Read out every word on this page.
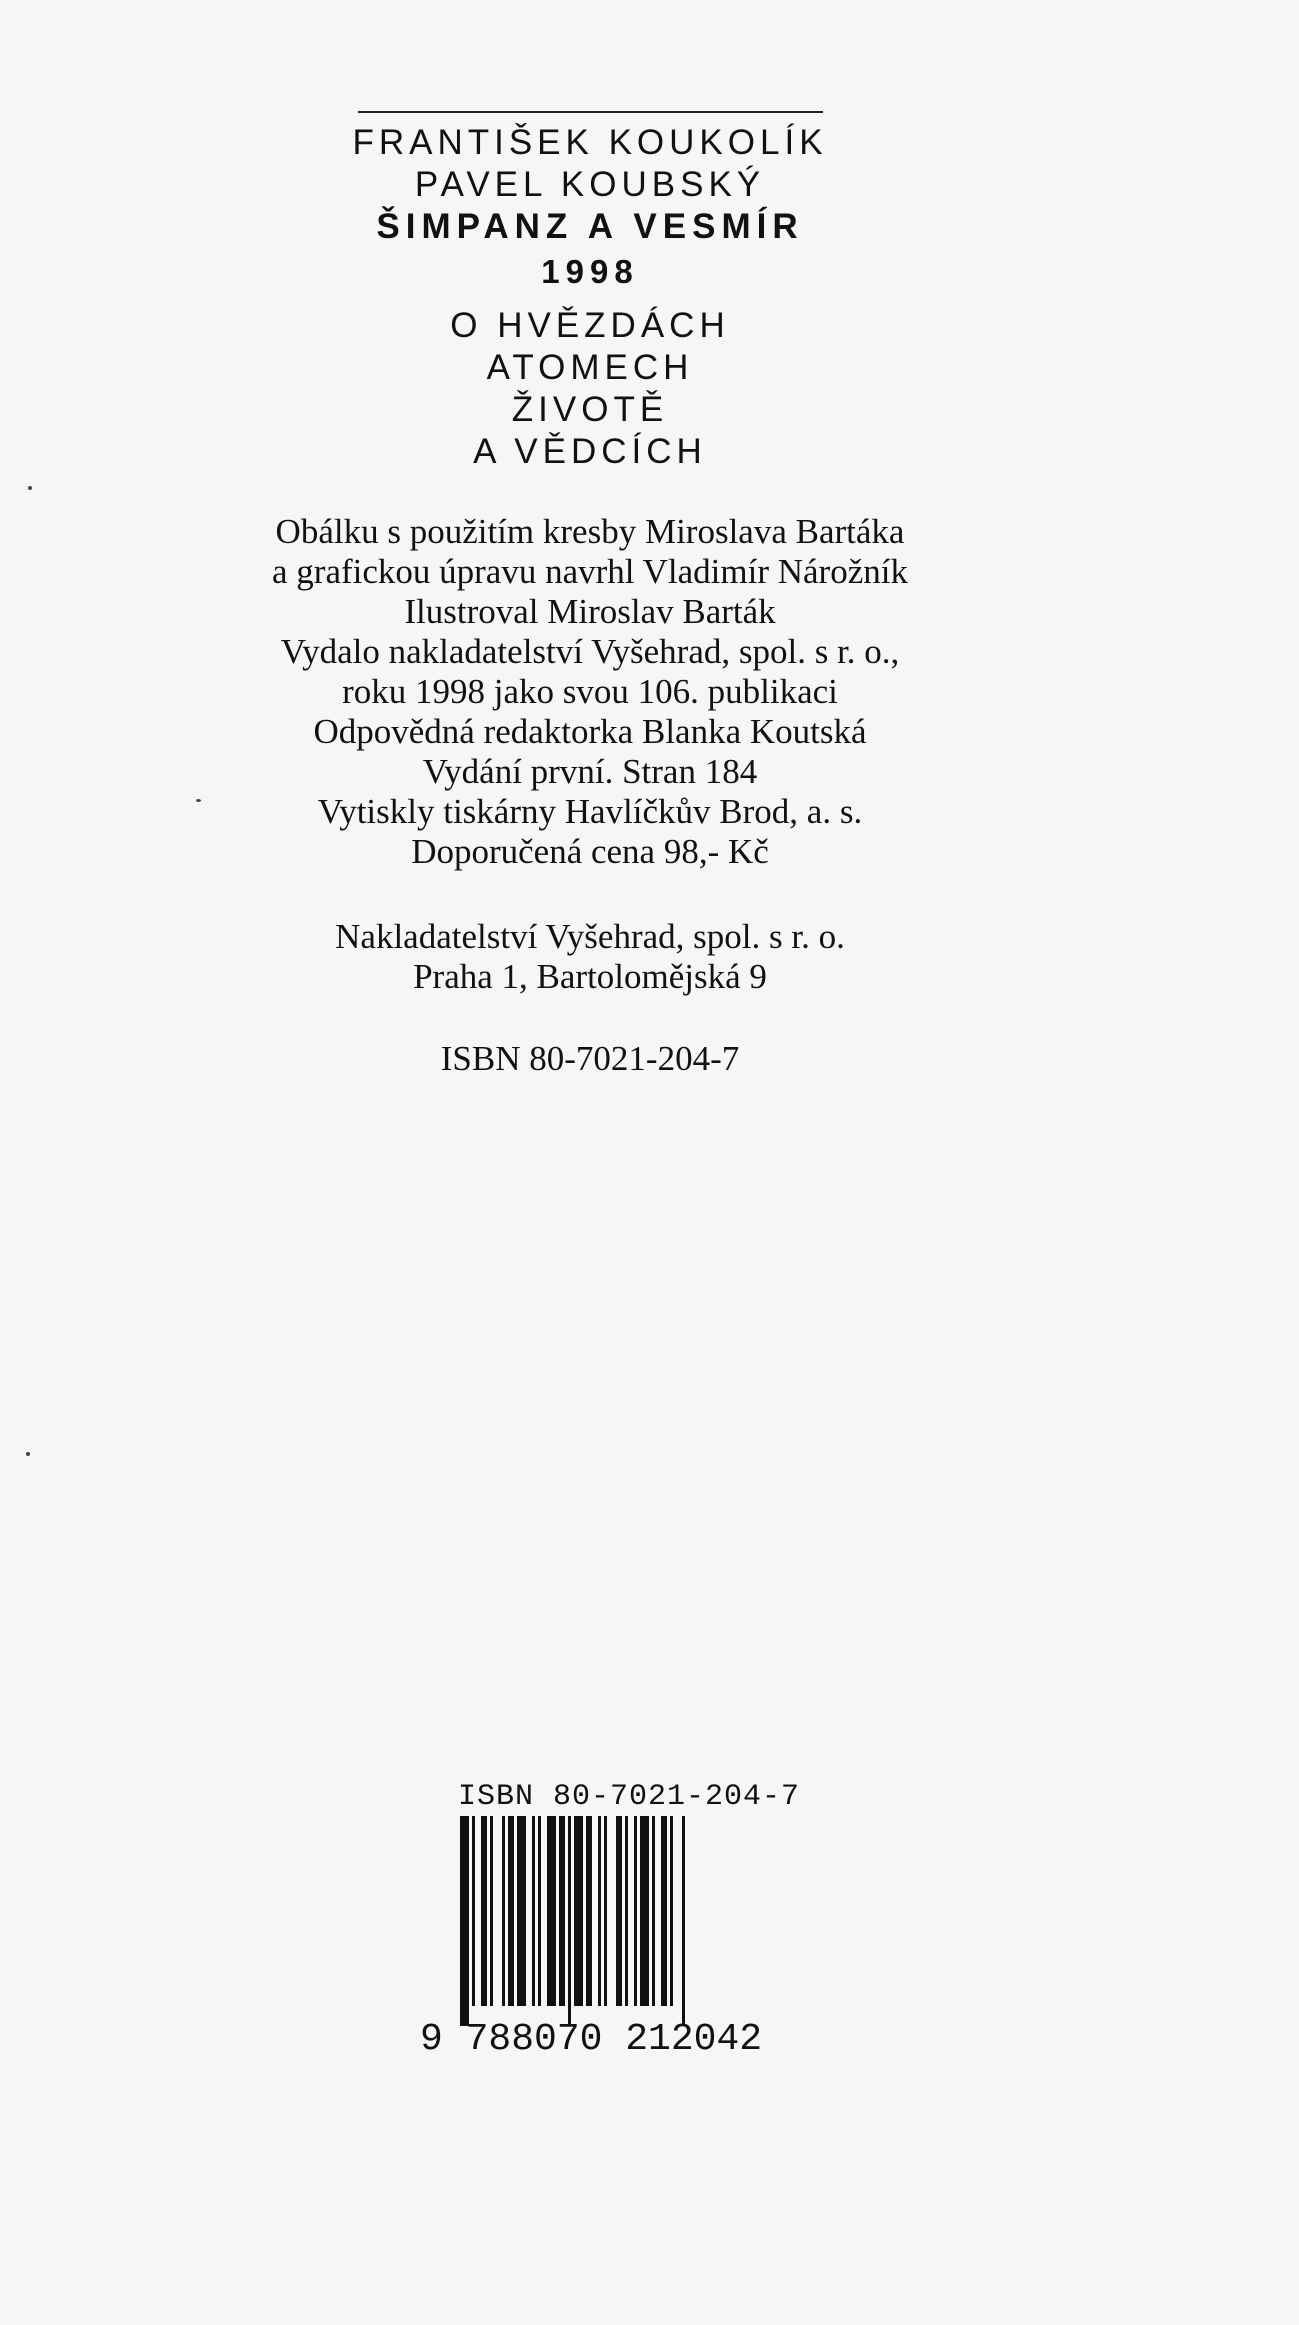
FRANTIŠEK KOUKOLÍK
PAVEL KOUBSKÝ
ŠIMPANZ A VESMÍR
1998
O HVĚZDÁCH
ATOMECH
ŽIVOTĚ
A VĚDCÍCH
Obálku s použitím kresby Miroslava Bartáka
a grafickou úpravu navrhl Vladimír Nárožník
Ilustroval Miroslav Barták
Vydalo nakladatelství Vyšehrad, spol. s r. o.,
roku 1998 jako svou 106. publikaci
Odpovědná redaktorka Blanka Koutská
Vydání první. Stran 184
Vytiskly tiskárny Havlíčkův Brod, a. s.
Doporučená cena 98,- Kč
Nakladatelství Vyšehrad, spol. s r. o.
Praha 1, Bartolomějská 9
ISBN 80-7021-204-7
ISBN 80-7021-204-7
9 788070 212042
